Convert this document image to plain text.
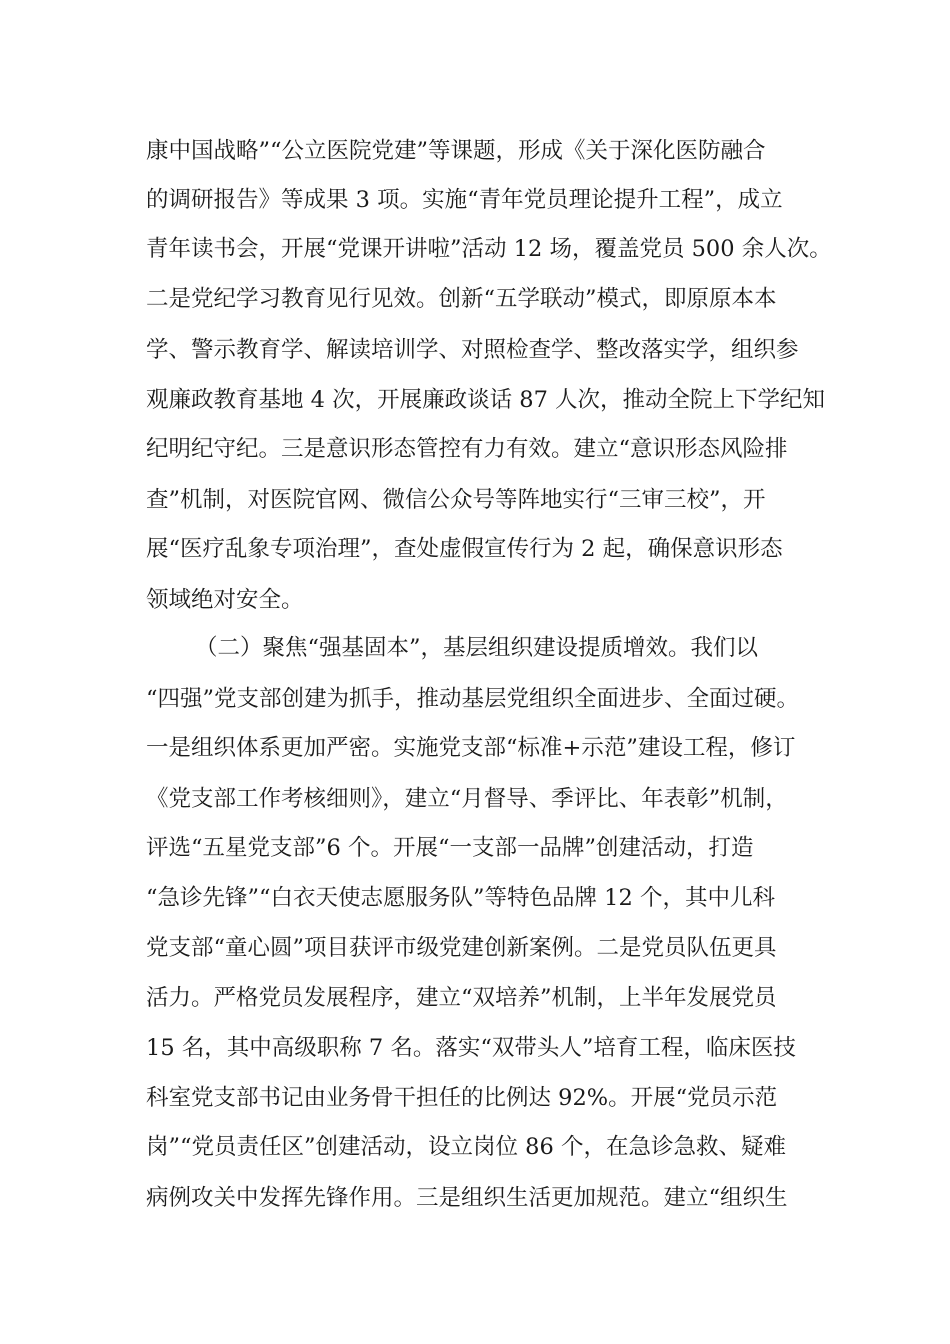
康中国战略”“公立医院党建”等课题，形成《关于深化医防融合
的调研报告》等成果 3 项。实施“青年党员理论提升工程”，成立
青年读书会，开展“党课开讲啦”活动 12 场，覆盖党员 500 余人次。
二是党纪学习教育见行见效。创新“五学联动”模式，即原原本本
学、警示教育学、解读培训学、对照检查学、整改落实学，组织参
观廉政教育基地 4 次，开展廉政谈话 87 人次，推动全院上下学纪知
纪明纪守纪。三是意识形态管控有力有效。建立“意识形态风险排
查”机制，对医院官网、微信公众号等阵地实行“三审三校”，开
展“医疗乱象专项治理”，查处虚假宣传行为 2 起，确保意识形态
领域绝对安全。
（二）聚焦“强基固本”，基层组织建设提质增效。我们以
“四强”党支部创建为抓手，推动基层党组织全面进步、全面过硬。
一是组织体系更加严密。实施党支部“标准+示范”建设工程，修订
《党支部工作考核细则》，建立“月督导、季评比、年表彰”机制，
评选“五星党支部”6 个。开展“一支部一品牌”创建活动，打造
“急诊先锋”“白衣天使志愿服务队”等特色品牌 12 个，其中儿科
党支部“童心圆”项目获评市级党建创新案例。二是党员队伍更具
活力。严格党员发展程序，建立“双培养”机制，上半年发展党员
15 名，其中高级职称 7 名。落实“双带头人”培育工程，临床医技
科室党支部书记由业务骨干担任的比例达 92%。开展“党员示范
岗”“党员责任区”创建活动，设立岗位 86 个，在急诊急救、疑难
病例攻关中发挥先锋作用。三是组织生活更加规范。建立“组织生
